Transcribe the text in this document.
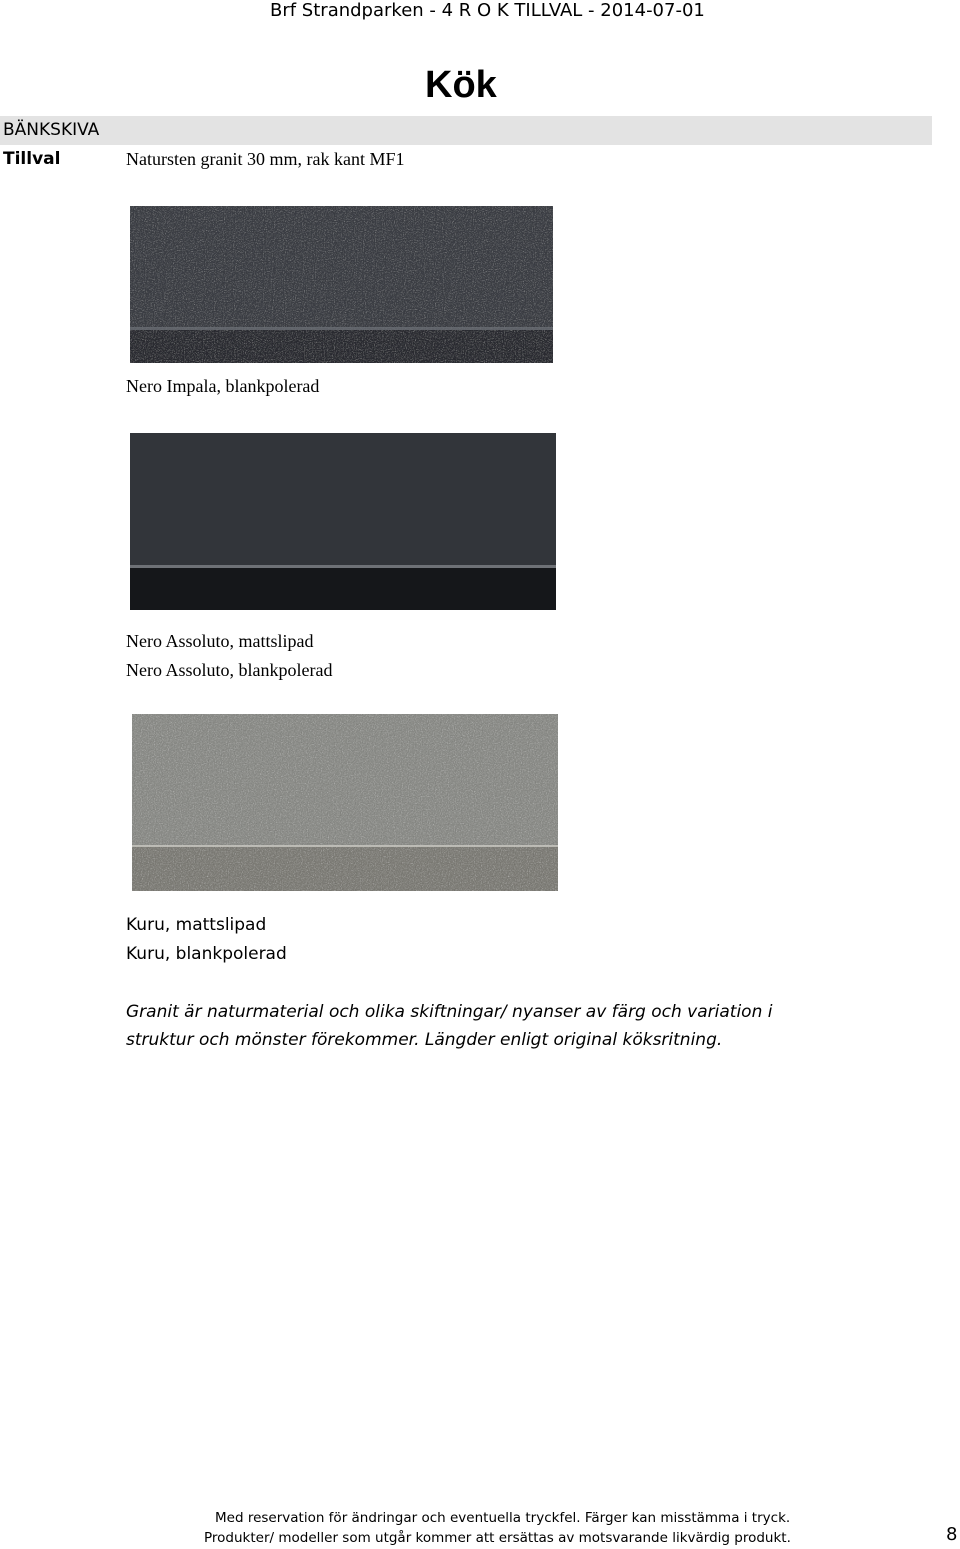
Brf Strandparken - 4 R O K TILLVAL - 2014-07-01
Kök
BÄNKSKIVA
Tillval	Natursten granit 30 mm, rak kant MF1
Nero Impala, blankpolerad
Nero Assoluto, mattslipad
Nero Assoluto, blankpolerad
Kuru, mattslipad
Kuru, blankpolerad
Granit är naturmaterial och olika skiftningar/ nyanser av färg och variation i struktur och mönster förekommer. Längder enligt original köksritning.
Med reservation för ändringar och eventuella tryckfel. Färger kan misstämma i tryck.
Produkter/ modeller som utgår kommer att ersättas av motsvarande likvärdig produkt.	8
